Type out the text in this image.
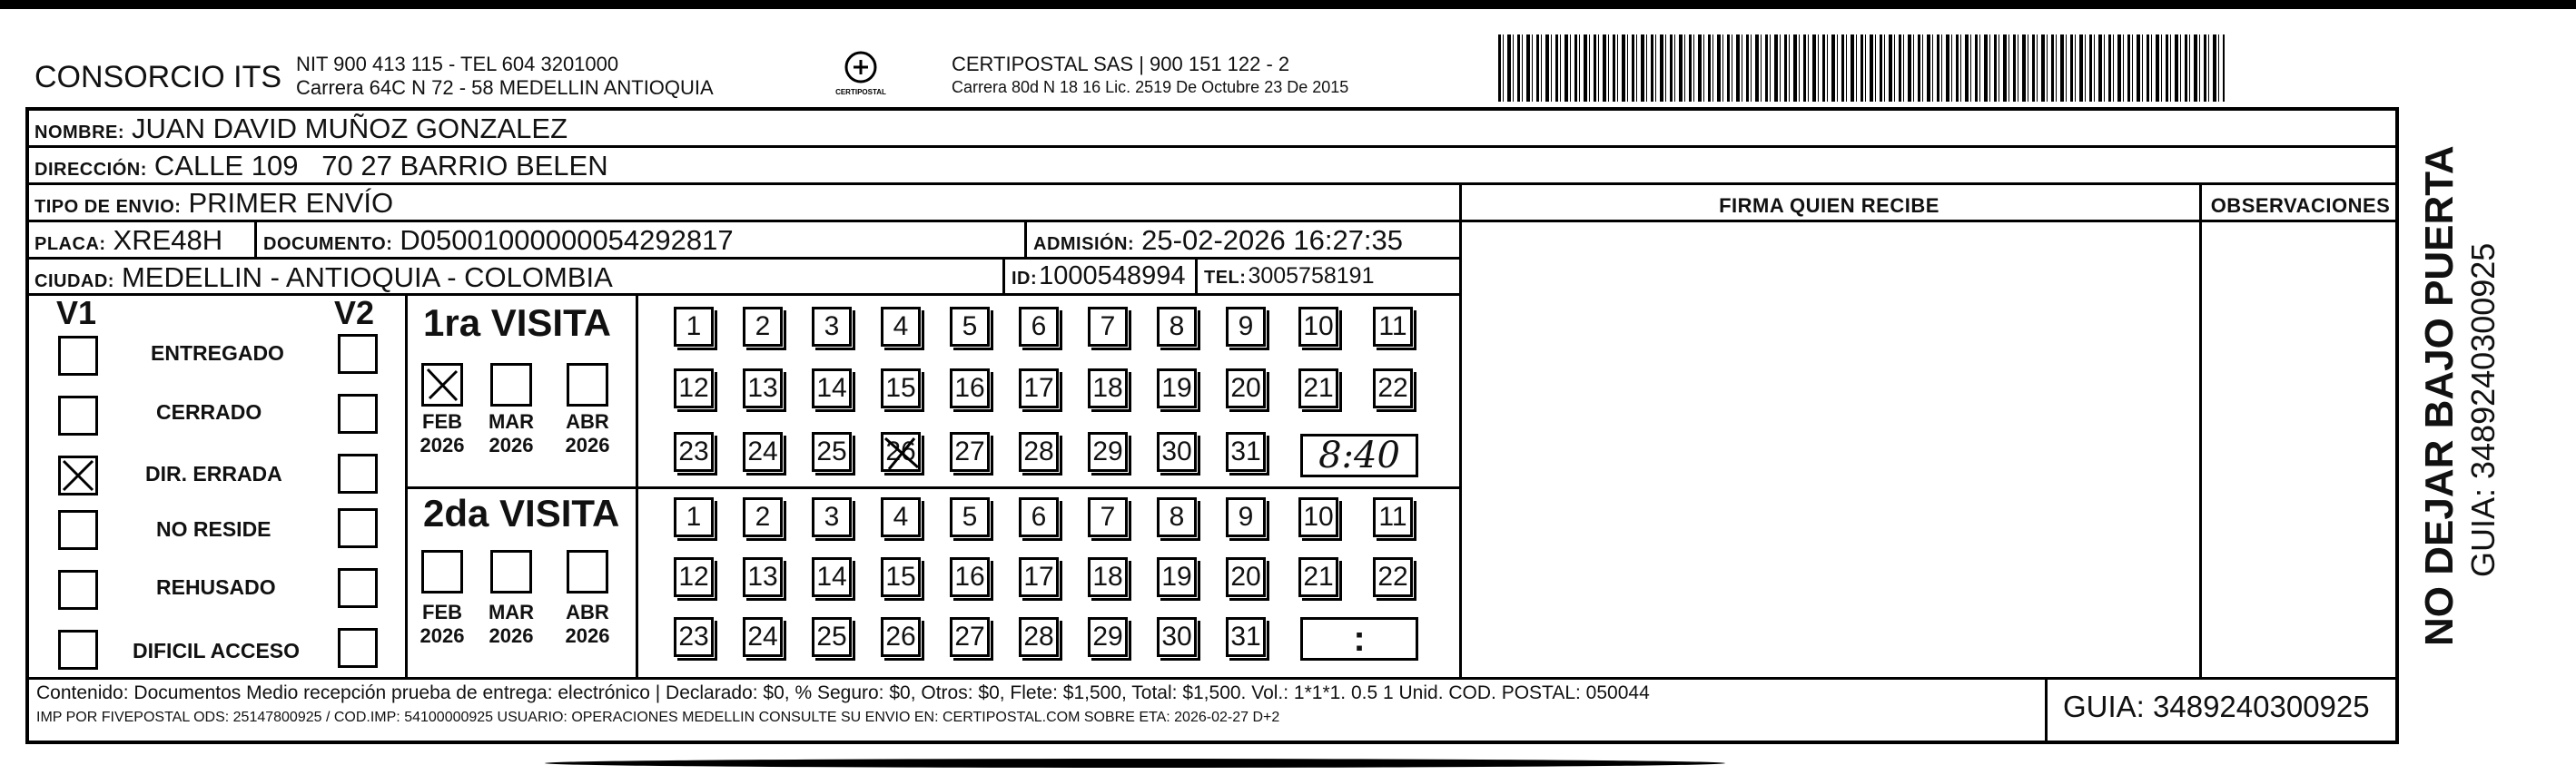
CONSORCIO ITS NIT 900 413 115 - TEL 604 3201000
Carrera 64C N 72 - 58 MEDELLIN ANTIOQUIA	CERTIPOSTAL
CERTIPOSTAL SAS | 900 151 122 - 2
Carrera 80d N 18 16 Lic. 2519 De Octubre 23 De 2015
NOMBRE: JUAN DAVID MUÑOZ GONZALEZ
DIRECCIÓN: CALLE 109   70 27 BARRIO BELEN
TIPO DE ENVIO: PRIMER ENVÍO	FIRMA QUIEN RECIBE	OBSERVACIONES
PLACA: XRE48H DOCUMENTO: D05001000000054292817	ADMISIÓN: 25-02-2026 16:27:35
CIUDAD: MEDELLIN - ANTIOQUIA - COLOMBIA	ID: 1000548994 TEL: 3005758191
V1	V2
ENTREGADO
CERRADO
DIR. ERRADA
NO RESIDE
REHUSADO
DIFICIL ACCESO
1ra VISITA
2da VISITA
FEB
2026
MAR
2026
ABR
2026
1 2 3 4 5 6 7 8 9 10 11
12 13 14 15 16 17 18 19 20 21 22
23 24 25 26 27 28 29 30 31
FEB
2026
MAR
2026
ABR
2026
1 2 3 4 5 6 7 8 9 10 11
12 13 14 15 16 17 18 19 20 21 22
23 24 25 26 27 28 29 30 31
8:40
:
Contenido: Documentos Medio recepción prueba de entrega: electrónico | Declarado: $0, % Seguro: $0, Otros: $0, Flete: $1,500, Total: $1,500. Vol.: 1*1*1. 0.5 1 Unid. COD. POSTAL: 050044
IMP POR FIVEPOSTAL ODS: 25147800925 / COD.IMP: 54100000925 USUARIO: OPERACIONES MEDELLIN CONSULTE SU ENVIO EN: CERTIPOSTAL.COM SOBRE ETA: 2026-02-27 D+2	GUIA: 3489240300925
NO DEJAR BAJO PUERTA GUIA: 3489240300925
